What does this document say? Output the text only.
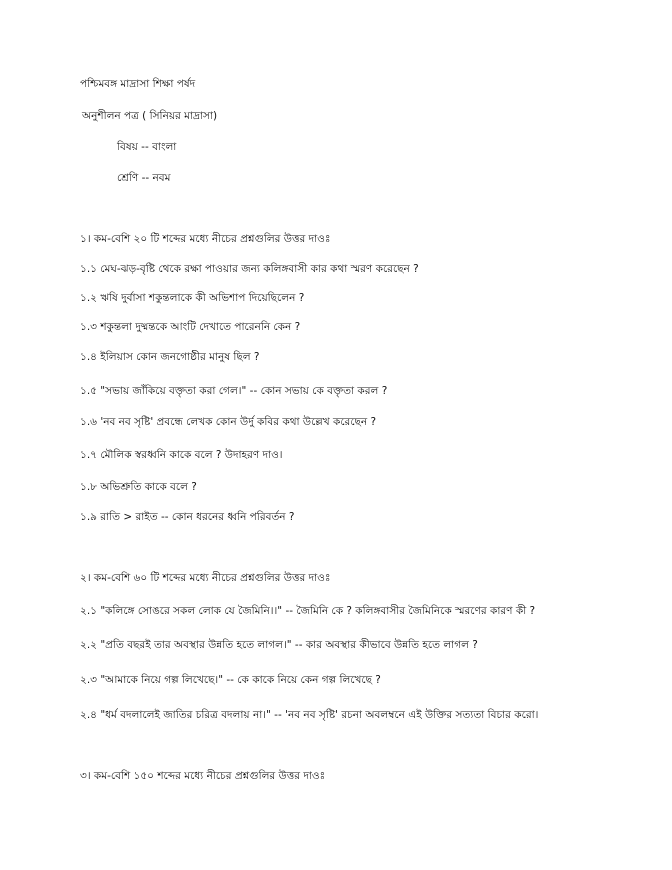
পশ্চিমবঙ্গ মাদ্রাসা শিক্ষা পর্ষদ
অনুশীলন পত্র ( সিনিয়র মাদ্রাসা)
বিষয় -- বাংলা
শ্রেণি -- নবম
১। কম-বেশি ২০ টি শব্দের মধ্যে নীচের প্রশ্নগুলির উত্তর দাওঃ
১.১ মেঘ-ঝড়-বৃষ্টি থেকে রক্ষা পাওয়ার জন্য কলিঙ্গবাসী কার কথা স্মরণ করেছেন ?
১.২ ঋষি দুর্বাসা শকুন্তলাকে কী অভিশাপ দিয়েছিলেন ?
১.৩ শকুন্তলা দুষ্মন্তকে আংটি দেখাতে পারেননি কেন ?
১.৪ ইলিয়াস কোন জনগোষ্ঠীর মানুষ ছিল ?
১.৫ "সভায় জাঁকিয়ে বক্তৃতা করা গেল।" -- কোন সভায় কে বক্তৃতা করল ?
১.৬ 'নব নব সৃষ্টি' প্রবন্ধে লেখক কোন উর্দু কবির কথা উল্লেখ করেছেন ?
১.৭ মৌলিক স্বরধ্বনি কাকে বলে ? উদাহরণ দাও।
১.৮ অভিশ্রুতি কাকে বলে ?
১.৯ রাতি > রাইত -- কোন ধরনের ধ্বনি পরিবর্তন ?
২। কম-বেশি ৬০ টি শব্দের মধ্যে নীচের প্রশ্নগুলির উত্তর দাওঃ
২.১ "কলিঙ্গে সোঙরে সকল লোক যে জৈমিনি।।" -- জৈমিনি কে ? কলিঙ্গবাসীর জৈমিনিকে স্মরণের কারণ কী ?
২.২ "প্রতি বছরই তার অবস্থার উন্নতি হতে লাগল।" -- কার অবস্থার কীভাবে উন্নতি হতে লাগল ?
২.৩ "আমাকে নিয়ে গল্প লিখেছে।" -- কে কাকে নিয়ে কেন গল্প লিখেছে ?
২.৪ "ধর্ম বদলালেই জাতির চরিত্র বদলায় না।" -- 'নব নব সৃষ্টি' রচনা অবলম্বনে এই উক্তির সত্যতা বিচার করো।
৩। কম-বেশি ১৫০ শব্দের মধ্যে নীচের প্রশ্নগুলির উত্তর দাওঃ
